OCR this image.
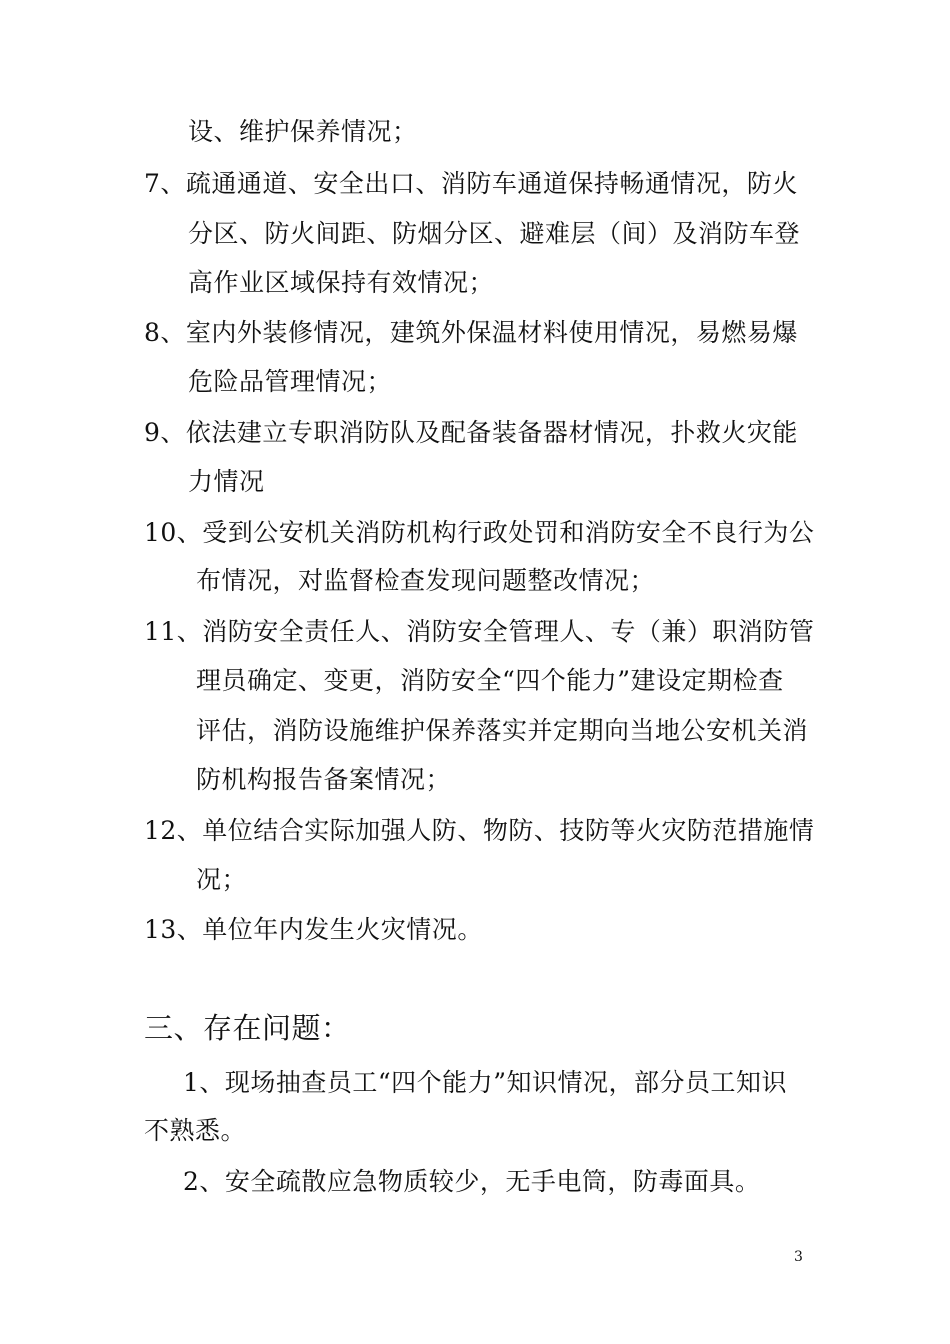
设、维护保养情况；
7、疏通通道、安全出口、消防车通道保持畅通情况，防火
分区、防火间距、防烟分区、避难层（间）及消防车登
高作业区域保持有效情况；
8、室内外装修情况，建筑外保温材料使用情况，易燃易爆
危险品管理情况；
9、依法建立专职消防队及配备装备器材情况，扑救火灾能
力情况
10、受到公安机关消防机构行政处罚和消防安全不良行为公
布情况，对监督检查发现问题整改情况；
11、消防安全责任人、消防安全管理人、专（兼）职消防管
理员确定、变更，消防安全“四个能力”建设定期检查
评估，消防设施维护保养落实并定期向当地公安机关消
防机构报告备案情况；
12、单位结合实际加强人防、物防、技防等火灾防范措施情
况；
13、单位年内发生火灾情况。
三、存在问题：
1、现场抽查员工“四个能力”知识情况，部分员工知识
不熟悉。
2、安全疏散应急物质较少，无手电筒，防毒面具。
3
